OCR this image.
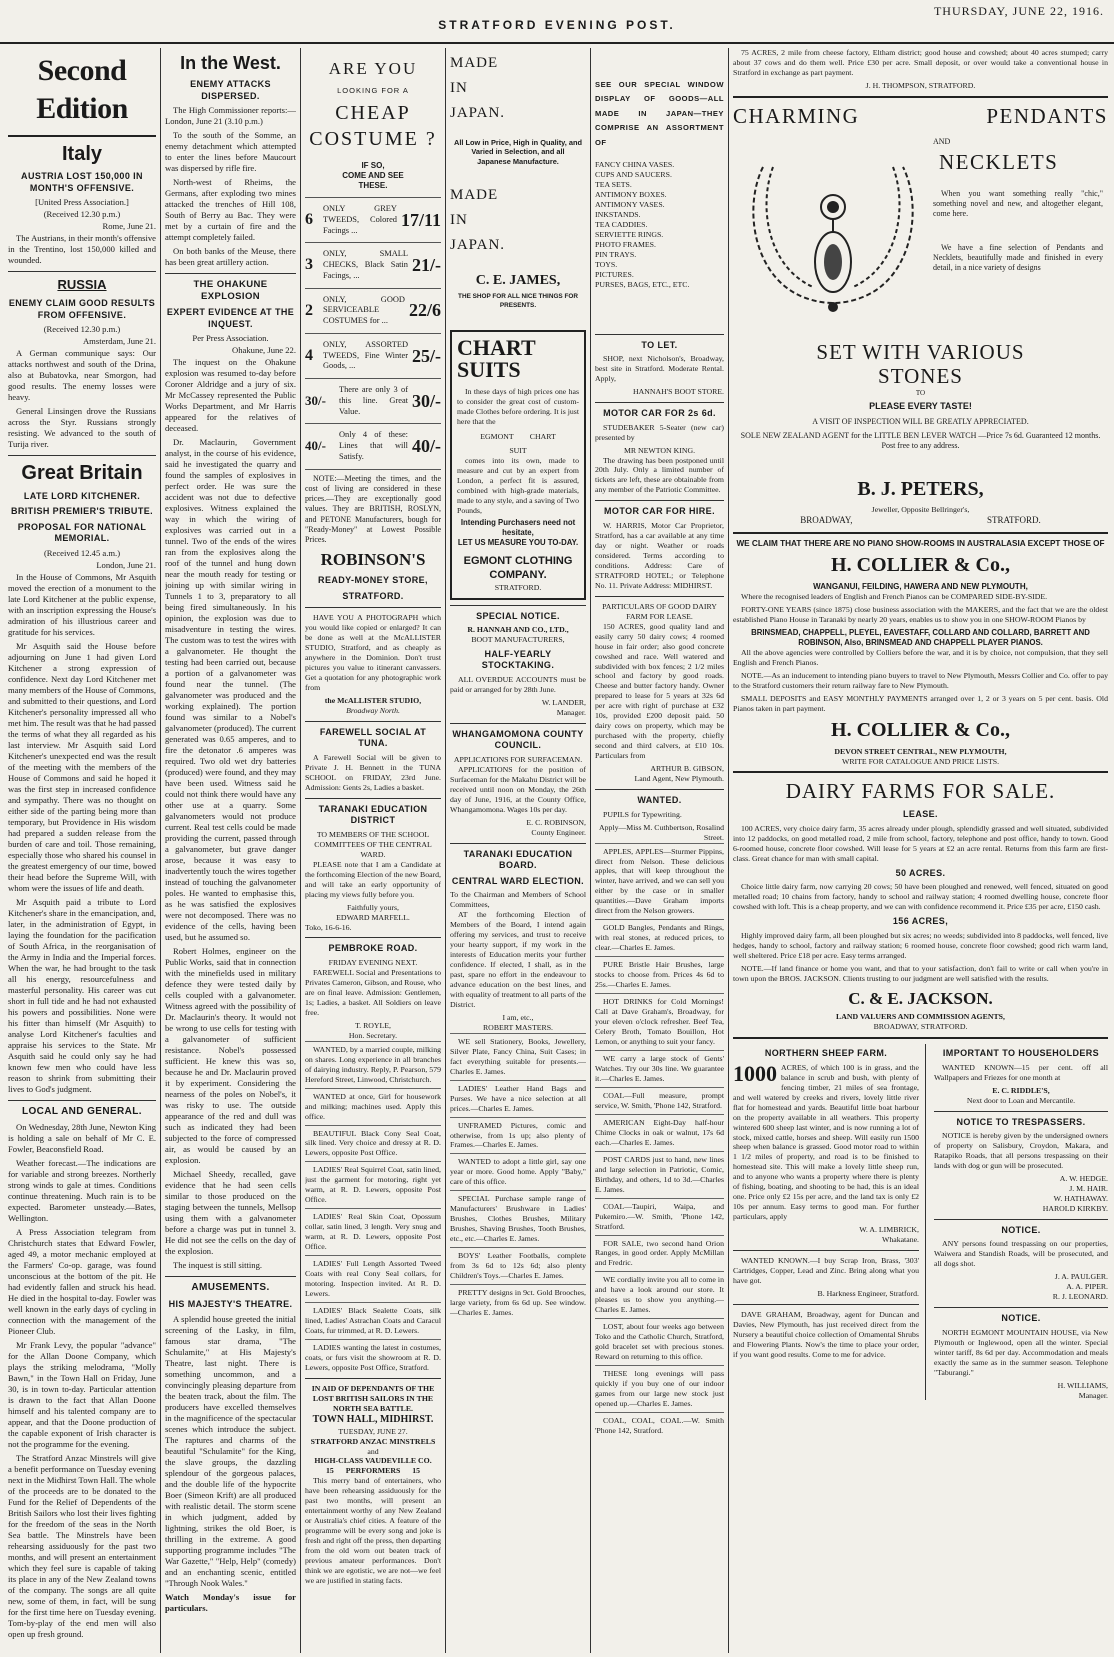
STRATFORD EVENING POST.
THURSDAY, JUNE 22, 1916.
Second Edition
Italy
AUSTRIA LOST 150,000 IN MONTH'S OFFENSIVE.
[United Press Association.]
(Received 12.30 p.m.)
Rome, June 21.

The Austrians, in their month's offensive in the Trentino, lost 150,000 killed and wounded.

RUSSIA
ENEMY CLAIM GOOD RESULTS FROM OFFENSIVE.
(Received 12.30 p.m.)
Amsterdam, June 21.

A German communique says: Our attacks northwest and south of the Drina, also at Bubatovka, near Smorgon, had good results. The enemy losses were heavy.

General Linsingen drove the Russians across the Styr. Russians strongly resisting. We advanced to the south of Turija river.

Great Britain
LATE LORD KITCHENER.
BRITISH PREMIER'S TRIBUTE.
PROPOSAL FOR NATIONAL MEMORIAL.
(Received 12.45 a.m.)
London, June 21.

In the House of Commons, Mr Asquith moved the erection of a monument to the late Lord Kitchener at the public expense, with an inscription expressing the House's admiration of his illustrious career and gratitude for his services.

Mr Asquith said the House before adjourning on June 1 had given Lord Kitchener a strong expression of confidence. Next day Lord Kitchener met many members of the House of Commons, and submitted to their questions, and Lord Kitchener's personality impressed all who met him. The result was that he had passed the terms of what they all regarded as his last interview. Mr Asquith said Lord Kitchener's unexpected end was the result of the meeting with the members of the House of Commons and said he hoped it was the first step in increased confidence and sympathy. There was no thought on either side of the parting being more than temporary, but Providence in His wisdom had prepared a sudden release from the burden of care and toil. Those remaining, especially those who shared his counsel in the greatest emergency of our time, bowed their head before the Supreme Will, with whom were the issues of life and death.

Mr Asquith paid a tribute to Lord Kitchener's share in the emancipation, and, later, in the administration of Egypt, in laying the foundation for the pacification of South Africa, in the reorganisation of the Army in India and the Imperial forces. When the war, he had brought to the task all his energy, resourcefulness and masterful personality. His career was cut short in full tide and he had not exhausted his powers and possibilities. None were his fitter than himself (Mr Asquith) to analyse Lord Kitchener's faculties and appraise his services to the State. Mr Asquith said he could only say he had known few men who could have less reason to shrink from submitting their lives to God's judgment.

LOCAL AND GENERAL.

On Wednesday, 28th June, Newton King is holding a sale on behalf of Mr C. E. Fowler, Beaconsfield Road.

Weather forecast.—The indications are for variable and strong breezes. Northerly strong winds to gale at times. Conditions continue threatening. Much rain is to be expected. Barometer unsteady.—Bates, Wellington.

A Press Association telegram from Christchurch states that Edward Fowler, aged 49, a motor mechanic employed at the Farmers' Co-op. garage, was found unconscious at the bottom of the pit. He had evidently fallen and struck his head. He died in the hospital to-day. Fowler was well known in the early days of cycling in connection with the management of the Pioneer Club.

Mr Frank Levy, the popular "advance" for the Allan Doone Company, which plays the striking melodrama, "Molly Bawn," in the Town Hall on Friday, June 30, is in town to-day. Particular attention is drawn to the fact that Allan Doone himself and his talented company are to appear, and that the Doone production of the capable exponent of Irish character is not the programme for the evening.

The Stratford Anzac Minstrels will give a benefit performance on Tuesday evening next in the Midhirst Town Hall. The whole of the proceeds are to be donated to the Fund for the Relief of Dependents of the British Sailors who lost their lives fighting for the freedom of the seas in the North Sea battle. The Minstrels have been rehearsing assiduously for the past two months, and will present an entertainment which they feel sure is capable of taking its place in any of the New Zealand towns of the company. The songs are all quite new, some of them, in fact, will be sung for the first time here on Tuesday evening. Tom-by-play of the end men will also open up fresh ground.

In the West.
ENEMY ATTACKS DISPERSED.

The High Commissioner reports:—London, June 21 (3.10 p.m.)

To the south of the Somme, an enemy detachment which attempted to enter the lines before Maucourt was dispersed by rifle fire.

North-west of Rheims, the Germans, after exploding two mines attacked the trenches of Hill 108, South of Berry au Bac. They were met by a curtain of fire and the attempt completely failed.

On both banks of the Meuse, there has been great artillery action.

THE OHAKUNE EXPLOSION
EXPERT EVIDENCE AT THE INQUEST.
Per Press Association.
Ohakune, June 22.

The inquest on the Ohakune explosion was resumed to-day before Coroner Aldridge and a jury of six. Mr McCassey represented the Public Works Department, and Mr Harris appeared for the relatives of deceased.

Dr. Maclaurin, Government analyst, in the course of his evidence, said he investigated the quarry and found the samples of explosives in perfect order. He was sure the accident was not due to defective explosives. Witness explained the way in which the wiring of explosives was carried out in a tunnel. Two of the ends of the wires ran from the explosives along the roof of the tunnel and hung down near the mouth ready for testing or joining up with similar wiring in Tunnels 1 to 3, preparatory to all being fired simultaneously. In his opinion, the explosion was due to misadventure in testing the wires. The custom was to test the wires with a galvanometer. He thought the testing had been carried out, because a portion of a galvanometer was found near the tunnel. (The galvanometer was produced and the working explained). The portion found was similar to a Nobel's galvanometer (produced). The current generated was 0.65 amperes, and to fire the detonator .6 amperes was required. Two old wet dry batteries (produced) were found, and they may have been used. Witness said he could not think there would have any other use at a quarry. Some galvanometers would not produce current. Real test cells could be made providing the current, passed through a galvanometer, but grave danger arose, because it was easy to inadvertently touch the wires together instead of touching the galvanometer poles. He wanted to emphasise this, as he was satisfied the explosives were not decomposed. There was no evidence of the cells, having been used, but he assumed so.

Robert Holmes, engineer on the Public Works, said that in connection with the minefields used in military defence they were tested daily by cells coupled with a galvanometer. Witness agreed with the possibility of Dr. Maclaurin's theory. It would not be wrong to use cells for testing with a galvanometer of sufficient resistance. Nobel's possessed sufficient. He knew this was so, because he and Dr. Maclaurin proved it by experiment. Considering the nearness of the poles on Nobel's, it was risky to use. The outside appearance of the red and dull was such as indicated they had been subjected to the force of compressed air, as would be caused by an explosion.

Michael Sheedy, recalled, gave evidence that he had seen cells similar to those produced on the staging between the tunnels, Mellsop using them with a galvanometer before a charge was put in tunnel 3. He did not see the cells on the day of the explosion.

The inquest is still sitting.

AMUSEMENTS.
HIS MAJESTY'S THEATRE.

A splendid house greeted the initial screening of the Lasky, in film, famous star drama, "The Schulamite," at His Majesty's Theatre, last night. There is something uncommon, and a convincingly pleasing departure from the beaten track, about the film. The producers have excelled themselves in the magnificence of the spectacular scenes which introduce the subject. The raptures and charms of the beautiful "Schulamite" for the King, the slave groups, the dazzling splendour of the gorgeous palaces, and the double life of the hypocrite Boer (Simeon Krift) are all produced with realistic detail. The storm scene in which judgment, added by lightning, strikes the old Boer, is thrilling in the extreme. A good supporting programme includes "The War Gazette," "Help, Help" (comedy) and an enchanting scenic, entitled "Through Nook Wales."

Watch Monday's issue for particulars.
ARE YOU
LOOKING FOR A
CHEAP
COSTUME ?
IF SO,
COME AND SEE
THESE.
6
ONLY GREY TWEEDS, Colored Facings ...
17/11
3
ONLY, SMALL CHECKS, Black Satin Facings, ...
21/-
2
ONLY, GOOD SERVICEABLE COSTUMES for ...
22/6
4
ONLY, ASSORTED TWEEDS, Fine Winter Goods, ...
25/-
30/-
There are only 3 of this line. Great Value.
30/-
40/-
Only 4 of these: Lines that will Satisfy.
40/-

NOTE:—Meeting the times, and the cost of living are considered in these prices.—They are exceptionally good values. They are BRITISH, ROSLYN, and PETONE Manufacturers, bough for "Ready-Money" at Lowest Possible Prices.

ROBINSON'S
READY-MONEY STORE,
STRATFORD.

HAVE YOU A PHOTOGRAPH which you would like copied or enlarged? It can be done as well at the McALLISTER STUDIO, Stratford, and as cheaply as anywhere in the Dominion. Don't trust pictures you value to itinerant canvassers. Get a quotation for any photographic work from

the McALLISTER STUDIO,
Broadway North.
FAREWELL SOCIAL AT TUNA.

A Farewell Social will be given to Private J. H. Bennett in the TUNA SCHOOL on FRIDAY, 23rd June. Admission: Gents 2s, Ladies a basket.

TARANAKI EDUCATION DISTRICT
TO MEMBERS OF THE SCHOOL COMMITTEES OF THE CENTRAL WARD.

PLEASE note that I am a Candidate at the forthcoming Election of the new Board, and will take an early opportunity of placing my views fully before you.

Faithfully yours,
EDWARD MARFELL.
Toko, 16-6-16.
PEMBROKE ROAD.
FRIDAY EVENING NEXT.

FAREWELL Social and Presentations to Privates Cameron, Gibson, and Rouse, who are on final leave. Admission: Gentlemen, 1s; Ladies, a basket. All Soldiers on leave free.

T. ROYLE,
Hon. Secretary.

WANTED, by a married couple, milking on shares. Long experience in all branches of dairying industry. Reply, P. Pearson, 579 Hereford Street, Linwood, Christchurch.

WANTED at once, Girl for housework and milking; machines used. Apply this office.

BEAUTIFUL Black Cony Seal Coat, silk lined. Very choice and dressy at R. D. Lewers, opposite Post Office.

LADIES' Real Squirrel Coat, satin lined, just the garment for motoring, right yet warm, at R. D. Lewers, opposite Post Office.

LADIES' Real Skin Coat, Opossum collar, satin lined, 3 length. Very snug and warm, at R. D. Lewers, opposite Post Office.

LADIES' Full Length Assorted Tweed Coats with real Cony Seal collars, for motoring. Inspection invited. At R. D. Lewers.

LADIES' Black Sealette Coats, silk lined, Ladies' Astrachan Coats and Caracul Coats, fur trimmed, at R. D. Lewers.

LADIES wanting the latest in costumes, coats, or furs visit the showroom at R. D. Lewers, opposite Post Office, Stratford.

IN AID OF DEPENDANTS OF THE LOST BRITISH SAILORS IN THE NORTH SEA BATTLE.
TOWN HALL, MIDHIRST.
TUESDAY, JUNE 27.
STRATFORD ANZAC MINSTRELS
and
HIGH-CLASS VAUDEVILLE CO.
15 PERFORMERS 15

This merry band of entertainers, who have been rehearsing assiduously for the past two months, will present an entertainment worthy of any New Zealand or Australia's chief cities. A feature of the programme will be every song and joke is fresh and right off the press, then departing from the old worn out beaten track of previous amateur performances. Don't think we are egotistic, we are not—we feel we are justified in stating facts.

MADE
IN
JAPAN.
All Low in Price, High in Quality, and Varied in Selection, and all Japanese Manufacture.
MADE
IN
JAPAN.
C. E. JAMES,
THE SHOP FOR ALL NICE THINGS FOR PRESENTS.
CHART
SUITS

In these days of high prices one has to consider the great cost of custom-made Clothes before ordering. It is just here that the

EGMONT CHART
SUIT

comes into its own, made to measure and cut by an expert from London, a perfect fit is assured, combined with high-grade materials, made to any style, and a saving of Two Pounds,

Intending Purchasers need not hesitate,
LET US MEASURE YOU TO-DAY.
EGMONT CLOTHING
COMPANY.
STRATFORD.
SPECIAL NOTICE.
R. HANNAH AND CO., LTD.,
BOOT MANUFACTURERS,
HALF-YEARLY STOCKTAKING.

ALL OVERDUE ACCOUNTS must be paid or arranged for by 28th June.

W. LANDER,
Manager.
WHANGAMOMONA COUNTY COUNCIL.
APPLICATIONS FOR SURFACEMAN.

APPLICATIONS for the position of Surfaceman for the Makahu District will be received until noon on Monday, the 26th day of June, 1916, at the County Office, Whangamomona. Wages 10s per day.

E. C. ROBINSON,
County Engineer.
TARANAKI EDUCATION BOARD.
CENTRAL WARD ELECTION.
To the Chairman and Members of School Committees,

AT the forthcoming Election of Members of the Board, I intend again offering my services, and trust to receive your hearty support, if my work in the interests of Education merits your further confidence. If elected, I shall, as in the past, spare no effort in the endeavour to advance education on the best lines, and with equality of treatment to all parts of the District.

I am, etc.,
ROBERT MASTERS.

WE sell Stationery, Books, Jewellery, Silver Plate, Fancy China, Suit Cases; in fact everything suitable for presents.—Charles E. James.

LADIES' Leather Hand Bags and Purses. We have a nice selection at all prices.—Charles E. James.

UNFRAMED Pictures, comic and otherwise, from 1s up; also plenty of Frames.—Charles E. James.

WANTED to adopt a little girl, say one year or more. Good home. Apply "Baby," care of this office.

SPECIAL Purchase sample range of Manufacturers' Brushware in Ladies' Brushes, Clothes Brushes, Military Brushes, Shaving Brushes, Tooth Brushes, etc., etc.—Charles E. James.

BOYS' Leather Footballs, complete from 3s 6d to 12s 6d; also plenty Children's Toys.—Charles E. James.

PRETTY designs in 9ct. Gold Brooches, large variety, from 6s 6d up. See window.—Charles E. James.

SEE OUR SPECIAL WINDOW DISPLAY OF GOODS—ALL MADE IN JAPAN—THEY COMPRISE AN ASSORTMENT OF
FANCY CHINA VASES.
CUPS AND SAUCERS.
TEA SETS.
ANTIMONY BOXES.
ANTIMONY VASES.
INKSTANDS.
TEA CADDIES.
SERVIETTE RINGS.
PHOTO FRAMES.
PIN TRAYS.
TOYS.
PICTURES.
PURSES, BAGS, ETC., ETC.
TO LET.

SHOP, next Nicholson's, Broadway, best site in Stratford. Moderate Rental. Apply,

HANNAH'S BOOT STORE.
MOTOR CAR FOR 2s 6d.

STUDEBAKER 5-Seater (new car) presented by

MR NEWTON KING.

The drawing has been postponed until 20th July. Only a limited number of tickets are left, these are obtainable from any member of the Patriotic Committee.

MOTOR CAR FOR HIRE.

W. HARRIS, Motor Car Proprietor, Stratford, has a car available at any time day or night. Weather or roads considered. Terms according to conditions. Address: Care of STRATFORD HOTEL; or Telephone No. 11. Private Address: MIDHIRST.

PARTICULARS OF GOOD DAIRY FARM FOR LEASE.

150 ACRES, good quality land and easily carry 50 dairy cows; 4 roomed house in fair order; also good concrete cowshed and race. Well watered and subdivided with box fences; 2 1/2 miles school and factory by good roads. Cheese and butter factory handy. Owner prepared to lease for 5 years at 32s 6d per acre with right of purchase at £32 10s, provided £200 deposit paid. 50 dairy cows on property, which may be purchased with the property, chiefly second and third calvers, at £10 10s. Particulars from

ARTHUR B. GIBSON,
Land Agent, New Plymouth.
WANTED.

PUPILS for Typewriting.

Apply—Miss M. Cuthbertson, Rosalind Street.

APPLES, APPLES—Sturmer Pippins, direct from Nelson. These delicious apples, that will keep throughout the winter, have arrived, and we can sell you either by the case or in smaller quantities.—Dave Graham imports direct from the Nelson growers.

GOLD Bangles, Pendants and Rings, with real stones, at reduced prices, to clear.—Charles E. James.

PURE Bristle Hair Brushes, large stocks to choose from. Prices 4s 6d to 25s.—Charles E. James.

HOT DRINKS for Cold Mornings! Call at Dave Graham's, Broadway, for your eleven o'clock refresher. Beef Tea, Celery Broth, Tomato Bouillon, Hot Lemon, or anything to suit your fancy.

WE carry a large stock of Gents' Watches. Try our 30s line. We guarantee it.—Charles E. James.

COAL—Full measure, prompt service, W. Smith, 'Phone 142, Stratford.

AMERICAN Eight-Day half-hour Chime Clocks in oak or walnut, 17s 6d each.—Charles E. James.

POST CARDS just to hand, new lines and large selection in Patriotic, Comic, Birthday, and others, 1d to 3d.—Charles E. James.

COAL—Taupiri, Waipa, and Pukemiro.—W. Smith, 'Phone 142, Stratford.

FOR SALE, two second hand Orion Ranges, in good order. Apply McMillan and Fredric.

WE cordially invite you all to come in and have a look around our store. It pleases us to show you anything.—Charles E. James.

LOST, about four weeks ago between Toko and the Catholic Church, Stratford, gold bracelet set with precious stones. Reward on returning to this office.

THESE long evenings will pass quickly if you buy one of our indoor games from our large new stock just opened up.—Charles E. James.

COAL, COAL, COAL.—W. Smith 'Phone 142, Stratford.

75 ACRES, 2 mile from cheese factory, Eltham district; good house and cowshed; about 40 acres stumped; carry about 37 cows and do them well. Price £30 per acre. Small deposit, or over would take a conventional house in Stratford in exchange as part payment.

J. H. THOMPSON, STRATFORD.
CHARMING	PENDANTS
AND
NECKLETS

When you want something really "chic," something novel and new, and altogether elegant, come here.

We have a fine selection of Pendants and Necklets, beautifully made and finished in every detail, in a nice variety of designs

SET WITH VARIOUS
STONES
TO
PLEASE EVERY TASTE!
A VISIT OF INSPECTION WILL BE GREATLY APPRECIATED.
SOLE NEW ZEALAND AGENT for the LITTLE BEN LEVER WATCH —Price 7s 6d. Guaranteed 12 months. Post free to any address.
B. J. PETERS,
Jeweller, Opposite Bellringer's,
BROADWAY,	STRATFORD.
WE CLAIM THAT THERE ARE NO PIANO SHOW-ROOMS IN AUSTRALASIA EXCEPT THOSE OF
H. COLLIER & Co.,
WANGANUI, FEILDING, HAWERA AND NEW PLYMOUTH,

Where the recognised leaders of English and French Pianos can be COMPARED SIDE-BY-SIDE.

FORTY-ONE YEARS (since 1875) close business association with the MAKERS, and the fact that we are the oldest established Piano House in Taranaki by nearly 20 years, enables us to show you in one SHOW-ROOM Pianos by

BRINSMEAD, CHAPPELL, PLEYEL, EAVESTAFF, COLLARD AND COLLARD, BARRETT AND ROBINSON, Also, BRINSMEAD AND CHAPPELL PLAYER PIANOS.

All the above agencies were controlled by Colliers before the war, and it is by choice, not compulsion, that they sell English and French Pianos.

NOTE.—As an inducement to intending piano buyers to travel to New Plymouth, Messrs Collier and Co. offer to pay to the Stratford customers their return railway fare to New Plymouth.

SMALL DEPOSITS and EASY MONTHLY PAYMENTS arranged over 1, 2 or 3 years on 5 per cent. basis. Old Pianos taken in part payment.

H. COLLIER & Co.,
DEVON STREET CENTRAL, NEW PLYMOUTH,
WRITE FOR CATALOGUE AND PRICE LISTS.
DAIRY FARMS FOR SALE.
LEASE.

100 ACRES, very choice dairy farm, 35 acres already under plough, splendidly grassed and well situated, subdivided into 12 paddocks, on good metalled road, 2 mile from school, factory, telephone and post office, handy to town. Good 6-roomed house, concrete floor cowshed. Will lease for 5 years at £2 an acre rental. Returns from this farm are first-class. Great chance for man with small capital.

50 ACRES.

Choice little dairy farm, now carrying 20 cows; 50 have been ploughed and renewed, well fenced, situated on good metalled road; 10 chains from factory, handy to school and railway station; 4 roomed dwelling house, concrete floor cowshed with loft. This is a cheap property, and we can with confidence recommend it. Price £35 per acre, £150 cash.

156 ACRES,

Highly improved dairy farm, all been ploughed but six acres; no weeds; subdivided into 8 paddocks, well fenced, live hedges, handy to school, factory and railway station; 6 roomed house, concrete floor cowshed; good rich warm land, well sheltered. Price £18 per acre. Easy terms arranged.

NOTE.—If land finance or home you want, and that to your satisfaction, don't fail to write or call when you're in town upon the BROS. JACKSON. Clients trusting to our judgment are well satisfied with the results.

C. & E. JACKSON.
LAND VALUERS AND COMMISSION AGENTS,
BROADWAY, STRATFORD.
NORTHERN SHEEP FARM.
1000 ACRES, of which 100 is in grass, and the balance in scrub and bush, with plenty of fencing timber, 21 miles of sea frontage, and well watered by creeks and rivers, lovely little river flat for homestead and yards. Beautiful little boat harbour on the property available in all weathers. This property wintered 600 sheep last winter, and is now running a lot of stock, mixed cattle, horses and sheep. Will easily run 1500 sheep when balance is grassed. Good motor road to within 1 1/2 miles of property, and road is to be finished to homestead site. This will make a lovely little sheep run, and to anyone who wants a property where there is plenty of fishing, boating, and shooting to be had, this is an ideal one. Price only £2 15s per acre, and the land tax is only £2 10s per annum. Easy terms to good man. For further particulars, apply

W. A. LIMBRICK,
Whakatane.

WANTED KNOWN.—I buy Scrap Iron, Brass, '303' Cartridges, Copper, Lead and Zinc. Bring along what you have got.

B. Harkness Engineer, Stratford.

DAVE GRAHAM, Broadway, agent for Duncan and Davies, New Plymouth, has just received direct from the Nursery a beautiful choice collection of Ornamental Shrubs and Flowering Plants. Now's the time to place your order, if you want good results. Come to me for advice.

IMPORTANT TO HOUSEHOLDERS

WANTED KNOWN—15 per cent. off all Wallpapers and Friezes for one month at

E. C. RIDDLE'S,
Next door to Loan and Mercantile.
NOTICE TO TRESPASSERS.

NOTICE is hereby given by the undersigned owners of property on Salisbury, Croydon, Makara, and Ratapiko Roads, that all persons trespassing on their lands with dog or gun will be prosecuted.

A. W. HEDGE.
J. M. HAIR.
W. HATHAWAY.
HAROLD KIRKBY.
NOTICE.

ANY persons found trespassing on our properties, Waiwera and Standish Roads, will be prosecuted, and all dogs shot.

J. A. PAULGER.
A. A. PIPER.
R. J. LEONARD.
NOTICE.

NORTH EGMONT MOUNTAIN HOUSE, via New Plymouth or Inglewood, open all the winter. Special winter tariff, 8s 6d per day. Accommodation and meals exactly the same as in the summer season. Telephone "Taburangi."

H. WILLIAMS,
Manager.
